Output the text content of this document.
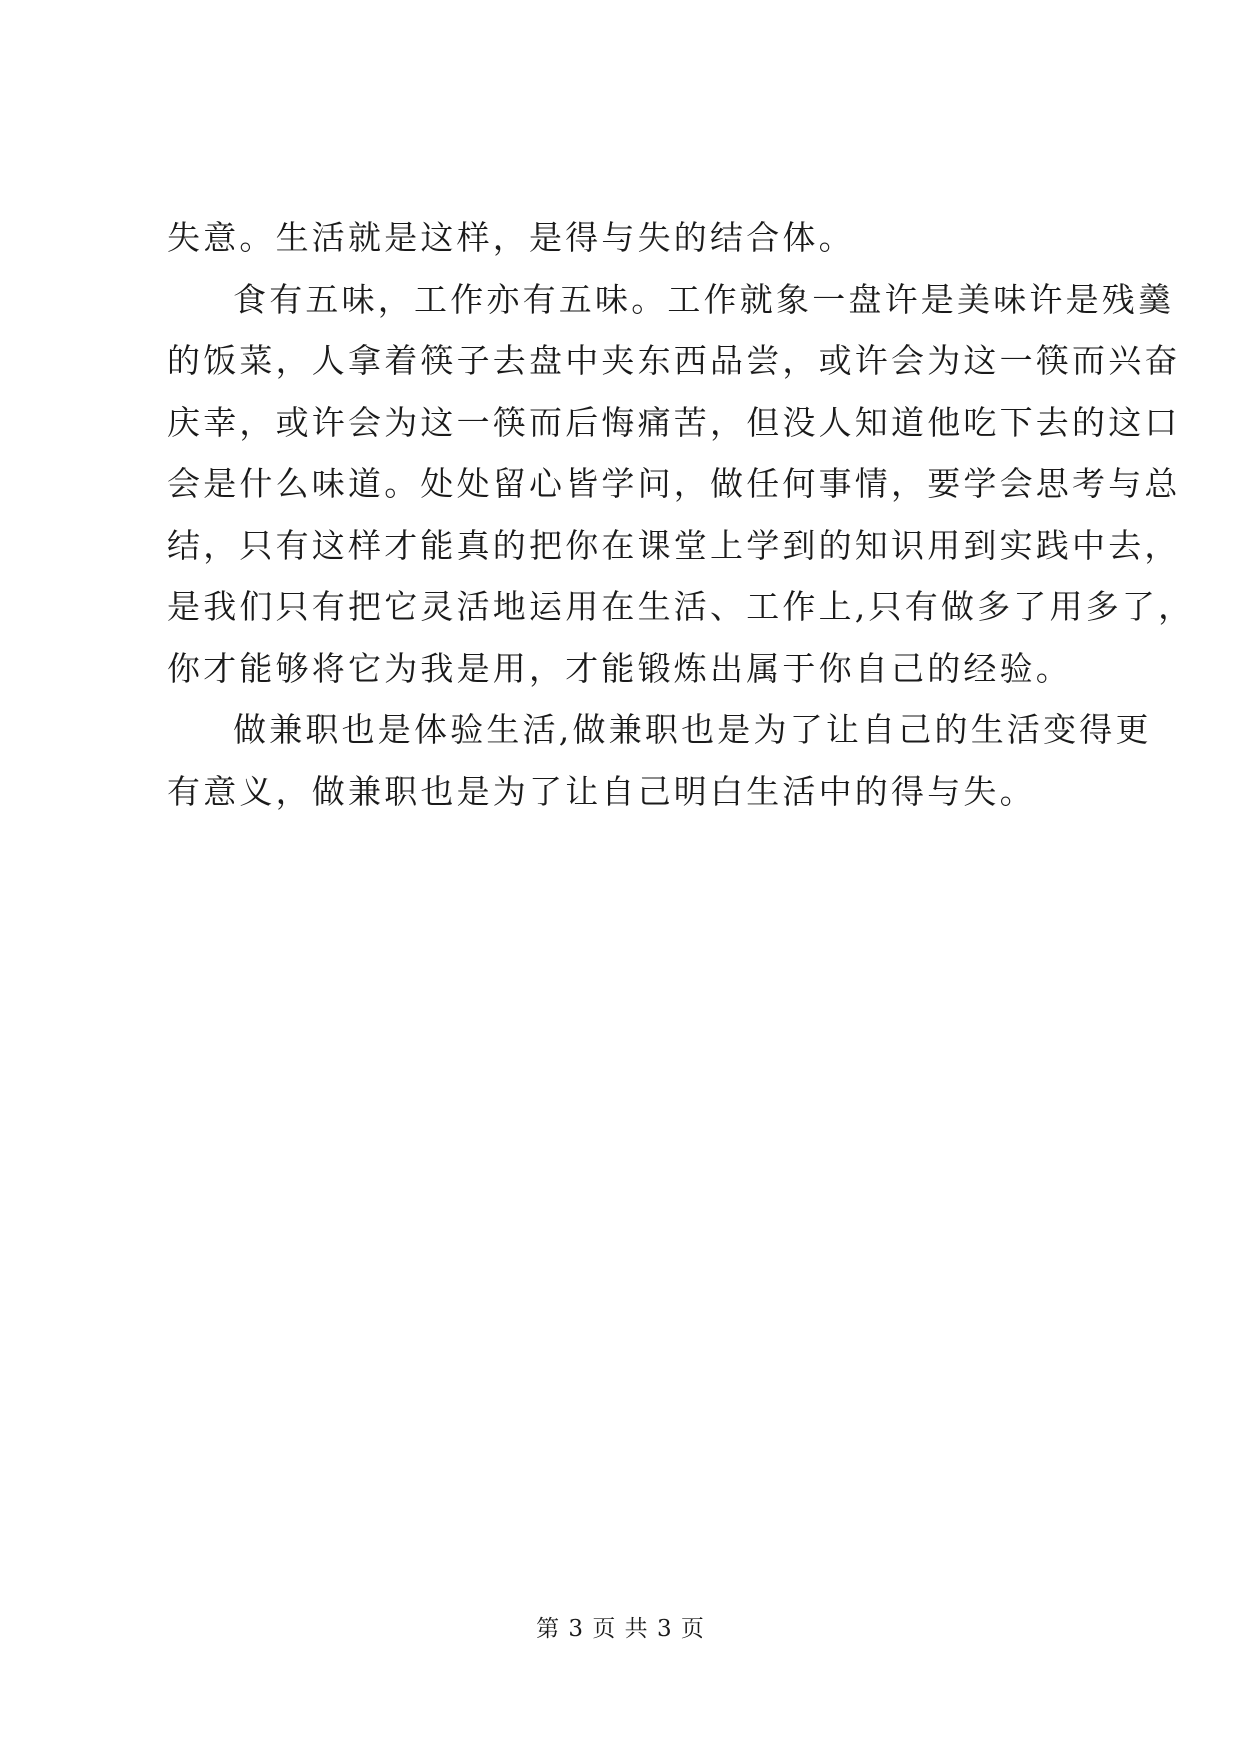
失意。生活就是这样，是得与失的结合体。
食有五味，工作亦有五味。工作就象一盘许是美味许是残羹
的饭菜，人拿着筷子去盘中夹东西品尝，或许会为这一筷而兴奋
庆幸，或许会为这一筷而后悔痛苦，但没人知道他吃下去的这口
会是什么味道。处处留心皆学问，做任何事情，要学会思考与总
结，只有这样才能真的把你在课堂上学到的知识用到实践中去，
是我们只有把它灵活地运用在生活、工作上,只有做多了用多了，
你才能够将它为我是用，才能锻炼出属于你自己的经验。
做兼职也是体验生活,做兼职也是为了让自己的生活变得更
有意义，做兼职也是为了让自己明白生活中的得与失。
第 3 页 共 3 页
